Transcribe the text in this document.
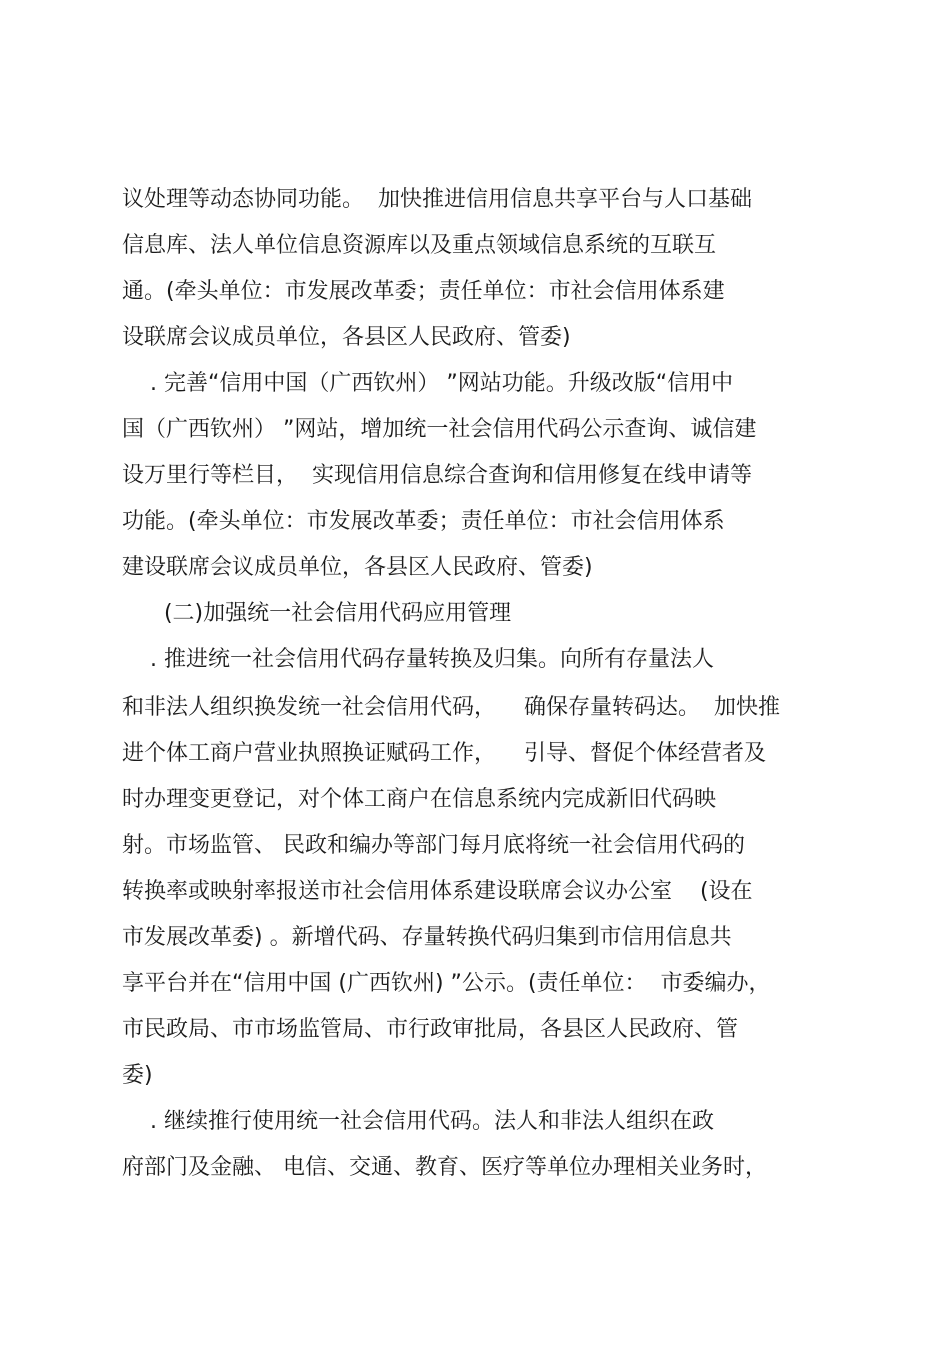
议处理等动态协同功能。  加快推进信用信息共享平台与人口基础

信息库、法人单位信息资源库以及重点领域信息系统的互联互

通。(牵头单位：市发展改革委；责任单位：市社会信用体系建

设联席会议成员单位，各县区人民政府、管委)

. 完善“信用中国（广西钦州） ”网站功能。升级改版“信用中

国（广西钦州） ”网站，增加统一社会信用代码公示查询、诚信建

设万里行等栏目，  实现信用信息综合查询和信用修复在线申请等

功能。(牵头单位：市发展改革委；责任单位：市社会信用体系

建设联席会议成员单位，各县区人民政府、管委)

(二)加强统一社会信用代码应用管理

. 推进统一社会信用代码存量转换及归集。向所有存量法人

和非法人组织换发统一社会信用代码，    确保存量转码达。  加快推

进个体工商户营业执照换证赋码工作，    引导、督促个体经营者及

时办理变更登记，对个体工商户在信息系统内完成新旧代码映

射。市场监管、 民政和编办等部门每月底将统一社会信用代码的

转换率或映射率报送市社会信用体系建设联席会议办公室    (设在

市发展改革委) 。新增代码、存量转换代码归集到市信用信息共

享平台并在“信用中国 (广西钦州) ”公示。(责任单位：  市委编办，

市民政局、市市场监管局、市行政审批局，各县区人民政府、管

委)

. 继续推行使用统一社会信用代码。法人和非法人组织在政

府部门及金融、 电信、交通、教育、医疗等单位办理相关业务时，
